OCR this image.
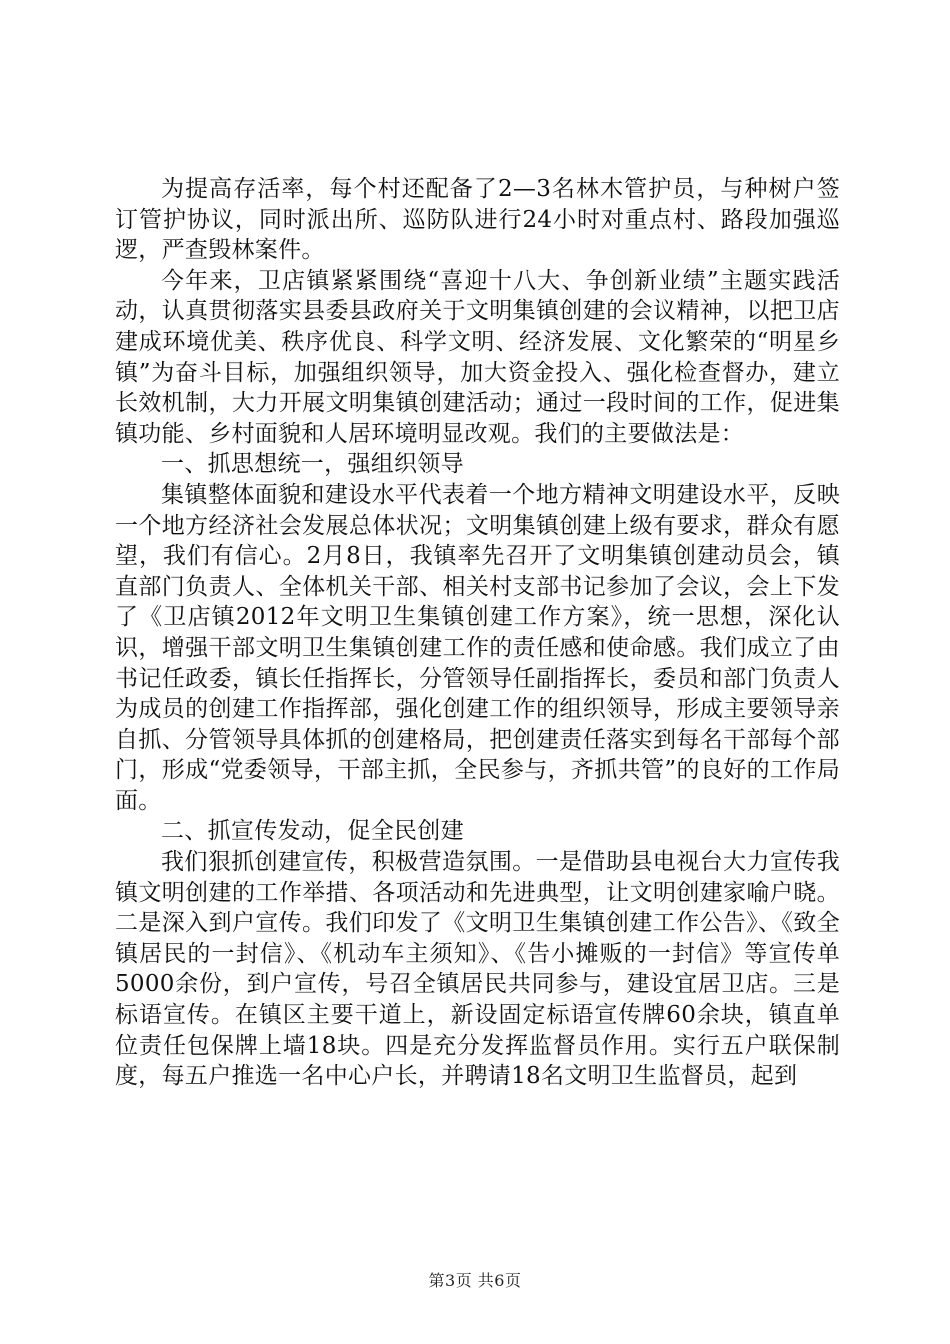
为提高存活率，每个村还配备了2—3名林木管护员，与种树户签订管护协议，同时派出所、巡防队进行24小时对重点村、路段加强巡逻，严查毁林案件。

今年来，卫店镇紧紧围绕“喜迎十八大、争创新业绩”主题实践活动，认真贯彻落实县委县政府关于文明集镇创建的会议精神，以把卫店建成环境优美、秩序优良、科学文明、经济发展、文化繁荣的“明星乡镇”为奋斗目标，加强组织领导，加大资金投入、强化检查督办，建立长效机制，大力开展文明集镇创建活动；通过一段时间的工作，促进集镇功能、乡村面貌和人居环境明显改观。我们的主要做法是：

一、抓思想统一，强组织领导

集镇整体面貌和建设水平代表着一个地方精神文明建设水平，反映一个地方经济社会发展总体状况；文明集镇创建上级有要求，群众有愿望，我们有信心。2月8日，我镇率先召开了文明集镇创建动员会，镇直部门负责人、全体机关干部、相关村支部书记参加了会议，会上下发了《卫店镇2012年文明卫生集镇创建工作方案》，统一思想，深化认识，增强干部文明卫生集镇创建工作的责任感和使命感。我们成立了由书记任政委，镇长任指挥长，分管领导任副指挥长，委员和部门负责人为成员的创建工作指挥部，强化创建工作的组织领导，形成主要领导亲自抓、分管领导具体抓的创建格局，把创建责任落实到每名干部每个部门，形成“党委领导，干部主抓，全民参与，齐抓共管”的良好的工作局面。

二、抓宣传发动，促全民创建

我们狠抓创建宣传，积极营造氛围。一是借助县电视台大力宣传我镇文明创建的工作举措、各项活动和先进典型，让文明创建家喻户晓。二是深入到户宣传。我们印发了《文明卫生集镇创建工作公告》、《致全镇居民的一封信》、《机动车主须知》、《告小摊贩的一封信》等宣传单5000余份，到户宣传，号召全镇居民共同参与，建设宜居卫店。三是标语宣传。在镇区主要干道上，新设固定标语宣传牌60余块，镇直单位责任包保牌上墙18块。四是充分发挥监督员作用。实行五户联保制度，每五户推选一名中心户长，并聘请18名文明卫生监督员，起到

第3页 共6页
